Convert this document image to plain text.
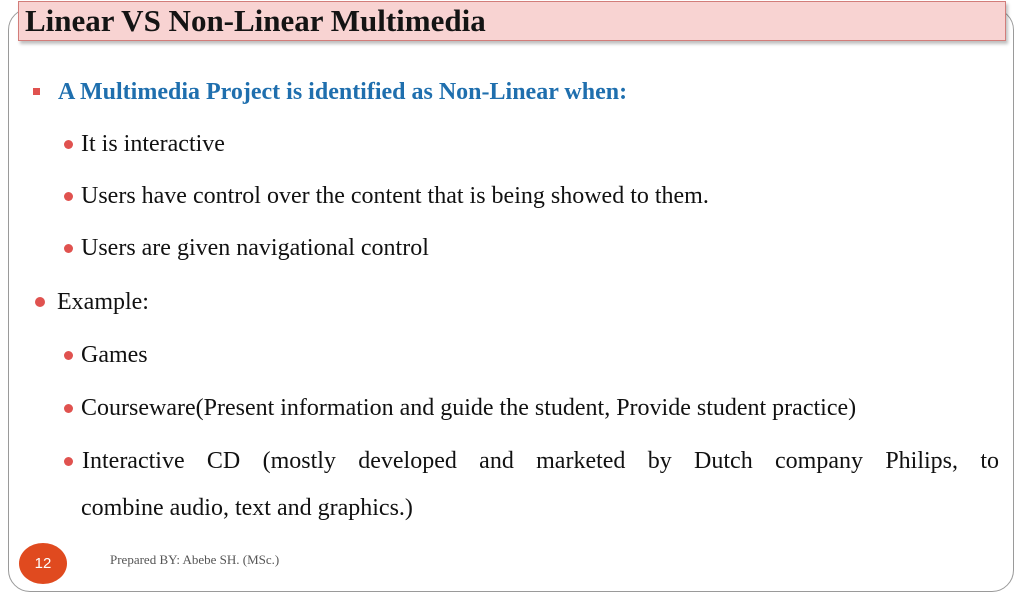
Linear VS Non-Linear Multimedia
A Multimedia Project is identified as Non-Linear when:
It is interactive
Users have control over the content that is being showed to them.
Users are given navigational control
Example:
Games
Courseware(Present information and guide the student, Provide student practice)
Interactive CD (mostly developed and marketed by Dutch company Philips, to
combine audio, text and graphics.)
12	Prepared BY: Abebe SH. (MSc.)
